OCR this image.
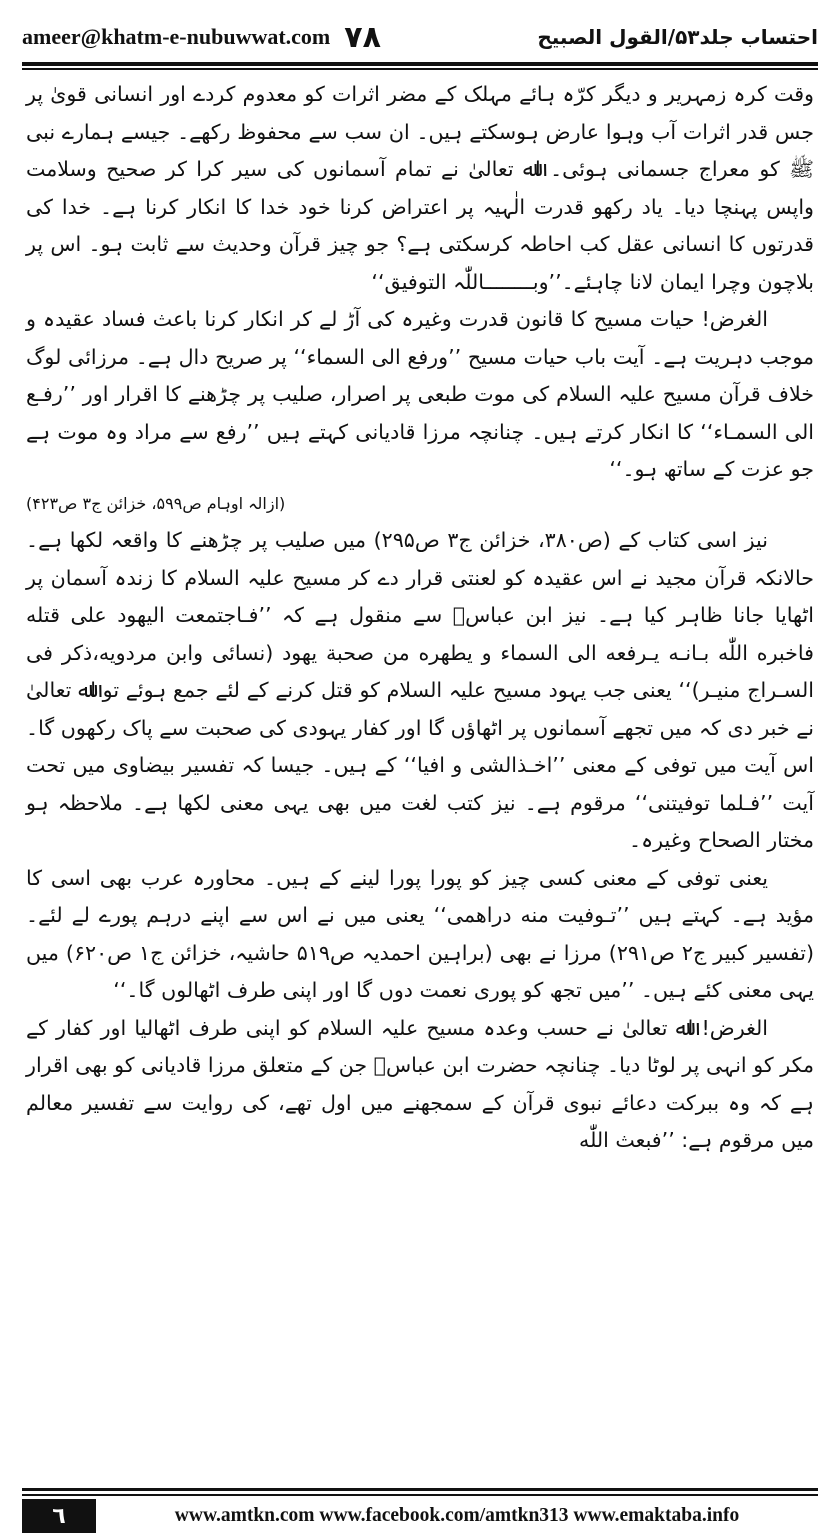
ameer@khatm-e-nubuwwat.com ٧٨	احتساب جلد۵۳/القول الصبیح

وقت کرہ زمہریر و دیگر کرّہ ہائے مہلک کے مضر اثرات کو معدوم کردے اور انسانی قویٰ پر جس قدر اثرات آب وہوا عارض ہوسکتے ہیں۔ ان سب سے محفوظ رکھے۔ جیسے ہمارے نبی ﷺ کو معراج جسمانی ہوئی۔ اﷲ تعالیٰ نے تمام آسمانوں کی سیر کرا کر صحیح وسلامت واپس پہنچا دیا۔ یاد رکھو قدرت الٰہیہ پر اعتراض کرنا خود خدا کا انکار کرنا ہے۔ خدا کی قدرتوں کا انسانی عقل کب احاطہ کرسکتی ہے؟ جو چیز قرآن وحدیث سے ثابت ہو۔ اس پر بلاچون وچرا ایمان لانا چاہئے۔’’وبــــــــاللّٰہ التوفیق‘‘

الغرض! حیات مسیح کا قانون قدرت وغیرہ کی آڑ لے کر انکار کرنا باعث فساد عقیدہ و موجب دہریت ہے۔ آیت باب حیات مسیح ’’ورفع الی السماء‘‘ پر صریح دال ہے۔ مرزائی لوگ خلاف قرآن مسیح علیہ السلام کی موت طبعی پر اصرار، صلیب پر چڑھنے کا اقرار اور ’’رفـع الی السمـاء‘‘ کا انکار کرتے ہیں۔ چنانچہ مرزا قادیانی کہتے ہیں ’’رفع سے مراد وہ موت ہے جو عزت کے ساتھ ہو۔‘‘

(ازالہ اوہام ص۵۹۹، خزائن ج۳ ص۴۲۳)

نیز اسی کتاب کے (ص۳۸۰، خزائن ج۳ ص۲۹۵) میں صلیب پر چڑھنے کا واقعہ لکھا ہے۔ حالانکہ قرآن مجید نے اس عقیدہ کو لعنتی قرار دے کر مسیح علیہ السلام کا زندہ آسمان پر اٹھایا جانا ظاہر کیا ہے۔ نیز ابن عباسؓ سے منقول ہے کہ ’’فـاجتمعت الیهود علی قتله فاخبره اللّٰه بـانـه یـرفعه الی السماء و یطهره من صحبة یهود (نسائی وابن مردویه،ذکر فی السـراج منیـر)‘‘ یعنی جب یہود مسیح علیہ السلام کو قتل کرنے کے لئے جمع ہوئے تو اﷲ تعالیٰ نے خبر دی کہ میں تجھے آسمانوں پر اٹھاؤں گا اور کفار یہودی کی صحبت سے پاک رکھوں گا۔ اس آیت میں توفی کے معنی ’’اخـذالشی و افیا‘‘ کے ہیں۔ جیسا کہ تفسیر بیضاوی میں تحت آیت ’’فـلما توفیتنی‘‘ مرقوم ہے۔ نیز کتب لغت میں بھی یہی معنی لکھا ہے۔ ملاحظہ ہو مختار الصحاح وغیرہ۔

یعنی توفی کے معنی کسی چیز کو پورا پورا لینے کے ہیں۔ محاورہ عرب بھی اسی کا مؤید ہے۔ کہتے ہیں ’’تـوفیت منه دراهمی‘‘ یعنی میں نے اس سے اپنے درہم پورے لے لئے۔ (تفسیر کبیر ج۲ ص۲۹۱) مرزا نے بھی (براہین احمدیہ ص۵۱۹ حاشیہ، خزائن ج۱ ص۶۲۰) میں یہی معنی کئے ہیں۔ ’’میں تجھ کو پوری نعمت دوں گا اور اپنی طرف اٹھالوں گا۔‘‘

الغرض! اﷲ تعالیٰ نے حسب وعدہ مسیح علیہ السلام کو اپنی طرف اٹھالیا اور کفار کے مکر کو انہی پر لوٹا دیا۔ چنانچہ حضرت ابن عباسؓ جن کے متعلق مرزا قادیانی کو بھی اقرار ہے کہ وہ ببرکت دعائے نبوی قرآن کے سمجھنے میں اول تھے، کی روایت سے تفسیر معالم میں مرقوم ہے: ’’فبعث اللّٰه

٦	www.amtkn.com www.facebook.com/amtkn313 www.emaktaba.info
